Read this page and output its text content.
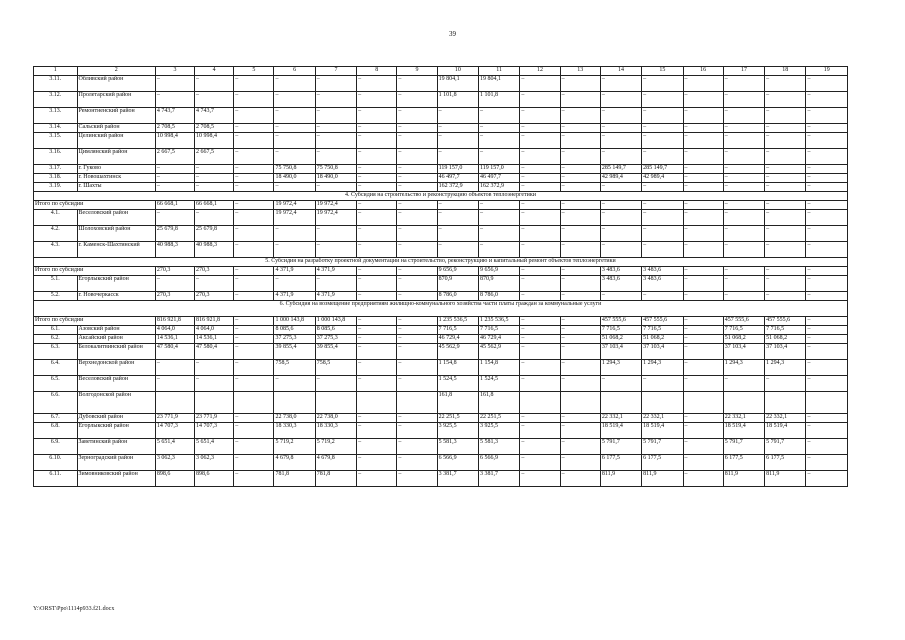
39
1	2	3	4	5	6	7	8	9	10	11	12	13	14	15	16	17	18	19
3.11.	Обливский район	–	–	–	–	–	–	–	19 804,1	19 804,1	–	–	–	–	–	–	–	–
3.12.	Пролетарский район	–	–	–	–	–	–	–	1 101,8	1 101,8	–	–	–	–	–	–	–	–
3.13.	Ремонтненский район	4 743,7	4 743,7	–	–	–	–	–	–	–	–	–	–	–	–	–	–	–
3.14.	Сальский район	2 708,5	2 708,5	–	–	–	–	–	–	–	–	–	–	–	–	–	–	–
3.15.	Целинский район	10 998,4	10 998,4	–	–	–	–	–	–	–	–	–	–	–	–	–	–	–
3.16.	Цимлянский район	2 667,5	2 667,5	–	–	–	–	–	–	–	–	–	–	–	–	–	–	–
3.17.	г. Гуково	–	–	–	75 750,8	75 750,8	–	–	119 157,0	119 157,0	–	–	285 149,7	285 149,7	–	–	–	–
3.18.	г. Новошахтинск	–	–	–	18 490,0	18 490,0	–	–	46 497,7	46 497,7	–	–	42 989,4	42 989,4	–	–	–	–
3.19.	г. Шахты	–	–	–	–	–	–	–	162 372,9	162 372,9	–	–	–	–	–	–	–	–
4. Субсидия на строительство и реконструкцию объектов теплоэнергетики																		
Итого по субсидии		66 668,1	66 668,1	–	19 972,4	19 972,4	–	–	–	–	–	–	–	–	–	–	–	–
4.1.	Веселовский район	–	–	–	19 972,4	19 972,4	–	–	–	–	–	–	–	–	–	–	–	–
4.2.	Шолоховский район	25 679,8	25 679,8	–	–	–	–	–	–	–	–	–	–	–	–	–	–	–
4.3.	г. Каменск-Шахтинский	40 988,3	40 988,3	–	–	–	–	–	–	–	–	–	–	–	–	–	–	–
5. Субсидия на разработку проектной документации на строительство, реконструкцию и капитальный ремонт объектов теплоэнергетики																		
Итого по субсидии		270,3	270,3	–	4 371,9	4 371,9	–	–	9 656,9	9 656,9	–	–	3 483,6	3 483,6	–	–	–	–
5.1.	Егорлыкский район	–	–	–	–	–	–	–	870,9	870,9	–	–	3 483,6	3 483,6	–	–	–	–
5.2.	г. Новочеркасск	270,3	270,3	–	4 371,9	4 371,9	–	–	8 786,0	8 786,0	–	–	–	–	–	–	–	–
6. Субсидия на возмещение предприятиям жилищно-коммунального хозяйства части платы граждан за коммунальные услуги																		
Итого по субсидии		816 921,8	816 921,8	–	1 000 143,8	1 000 143,8	–	–	1 235 536,5	1 235 536,5	–	–	457 555,6	457 555,6	–	457 555,6	457 555,6	–
6.1.	Азовский район	4 064,0	4 064,0	–	8 085,6	8 085,6	–	–	7 716,5	7 716,5	–	–	7 716,5	7 716,5	–	7 716,5	7 716,5	–
6.2.	Аксайский район	14 536,1	14 536,1	–	37 275,3	37 275,3	–	–	46 729,4	46 729,4	–	–	51 068,2	51 068,2	–	51 068,2	51 068,2	–
6.3.	Белокалитвинский район	47 580,4	47 580,4	–	39 855,4	39 855,4	–	–	45 562,9	45 562,9	–	–	37 103,4	37 103,4	–	37 103,4	37 103,4	–
6.4.	Верхнедонской район	–	–	–	758,5	758,5	–	–	1 154,8	1 154,8	–	–	1 294,3	1 294,3	–	1 294,3	1 294,3	–
6.5.	Веселовский район	–	–	–	–	–	–	–	1 524,5	1 524,5	–	–	–	–	–	–	–	–
6.6.	Волгодонской район								161,8	161,8								
6.7.	Дубовский район	23 771,9	23 771,9	–	22 738,0	22 738,0	–	–	22 251,5	22 251,5	–	–	22 332,1	22 332,1	–	22 332,1	22 332,1	–
6.8.	Егорлыкский район	14 707,3	14 707,3	–	18 330,3	18 330,3	–	–	3 925,5	3 925,5	–	–	18 519,4	18 519,4	–	18 519,4	18 519,4	–
6.9.	Заветинский район	5 651,4	5 651,4	–	5 719,2	5 719,2	–	–	5 581,3	5 581,3	–	–	5 791,7	5 791,7	–	5 791,7	5 791,7	–
6.10.	Зерноградский район	3 062,3	3 062,3	–	4 679,8	4 679,8	–	–	6 566,9	6 566,9	–	–	6 177,5	6 177,5	–	6 177,5	6 177,5	–
6.11.	Зимовниковский район	898,6	898,6	–	781,8	781,8	–	–	3 381,7	3 381,7	–	–	811,9	811,9	–	811,9	811,9	–
Y:\ORST\Ppo\1114p933.f21.docx
